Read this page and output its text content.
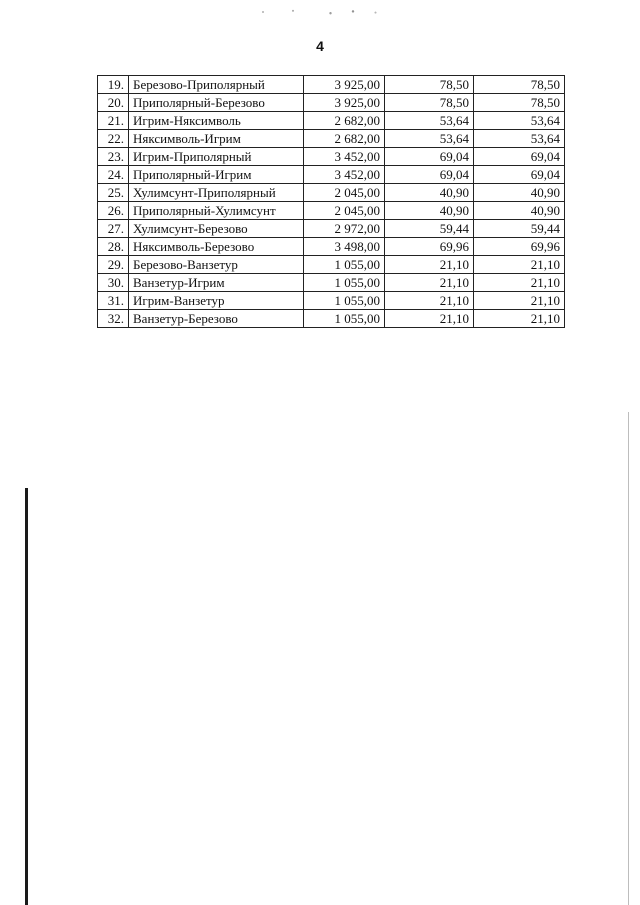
4
19.	Березово-Приполярный	3 925,00	78,50	78,50
20.	Приполярный-Березово	3 925,00	78,50	78,50
21.	Игрим-Няксимволь	2 682,00	53,64	53,64
22.	Няксимволь-Игрим	2 682,00	53,64	53,64
23.	Игрим-Приполярный	3 452,00	69,04	69,04
24.	Приполярный-Игрим	3 452,00	69,04	69,04
25.	Хулимсунт-Приполярный	2 045,00	40,90	40,90
26.	Приполярный-Хулимсунт	2 045,00	40,90	40,90
27.	Хулимсунт-Березово	2 972,00	59,44	59,44
28.	Няксимволь-Березово	3 498,00	69,96	69,96
29.	Березово-Ванзетур	1 055,00	21,10	21,10
30.	Ванзетур-Игрим	1 055,00	21,10	21,10
31.	Игрим-Ванзетур	1 055,00	21,10	21,10
32.	Ванзетур-Березово	1 055,00	21,10	21,10
